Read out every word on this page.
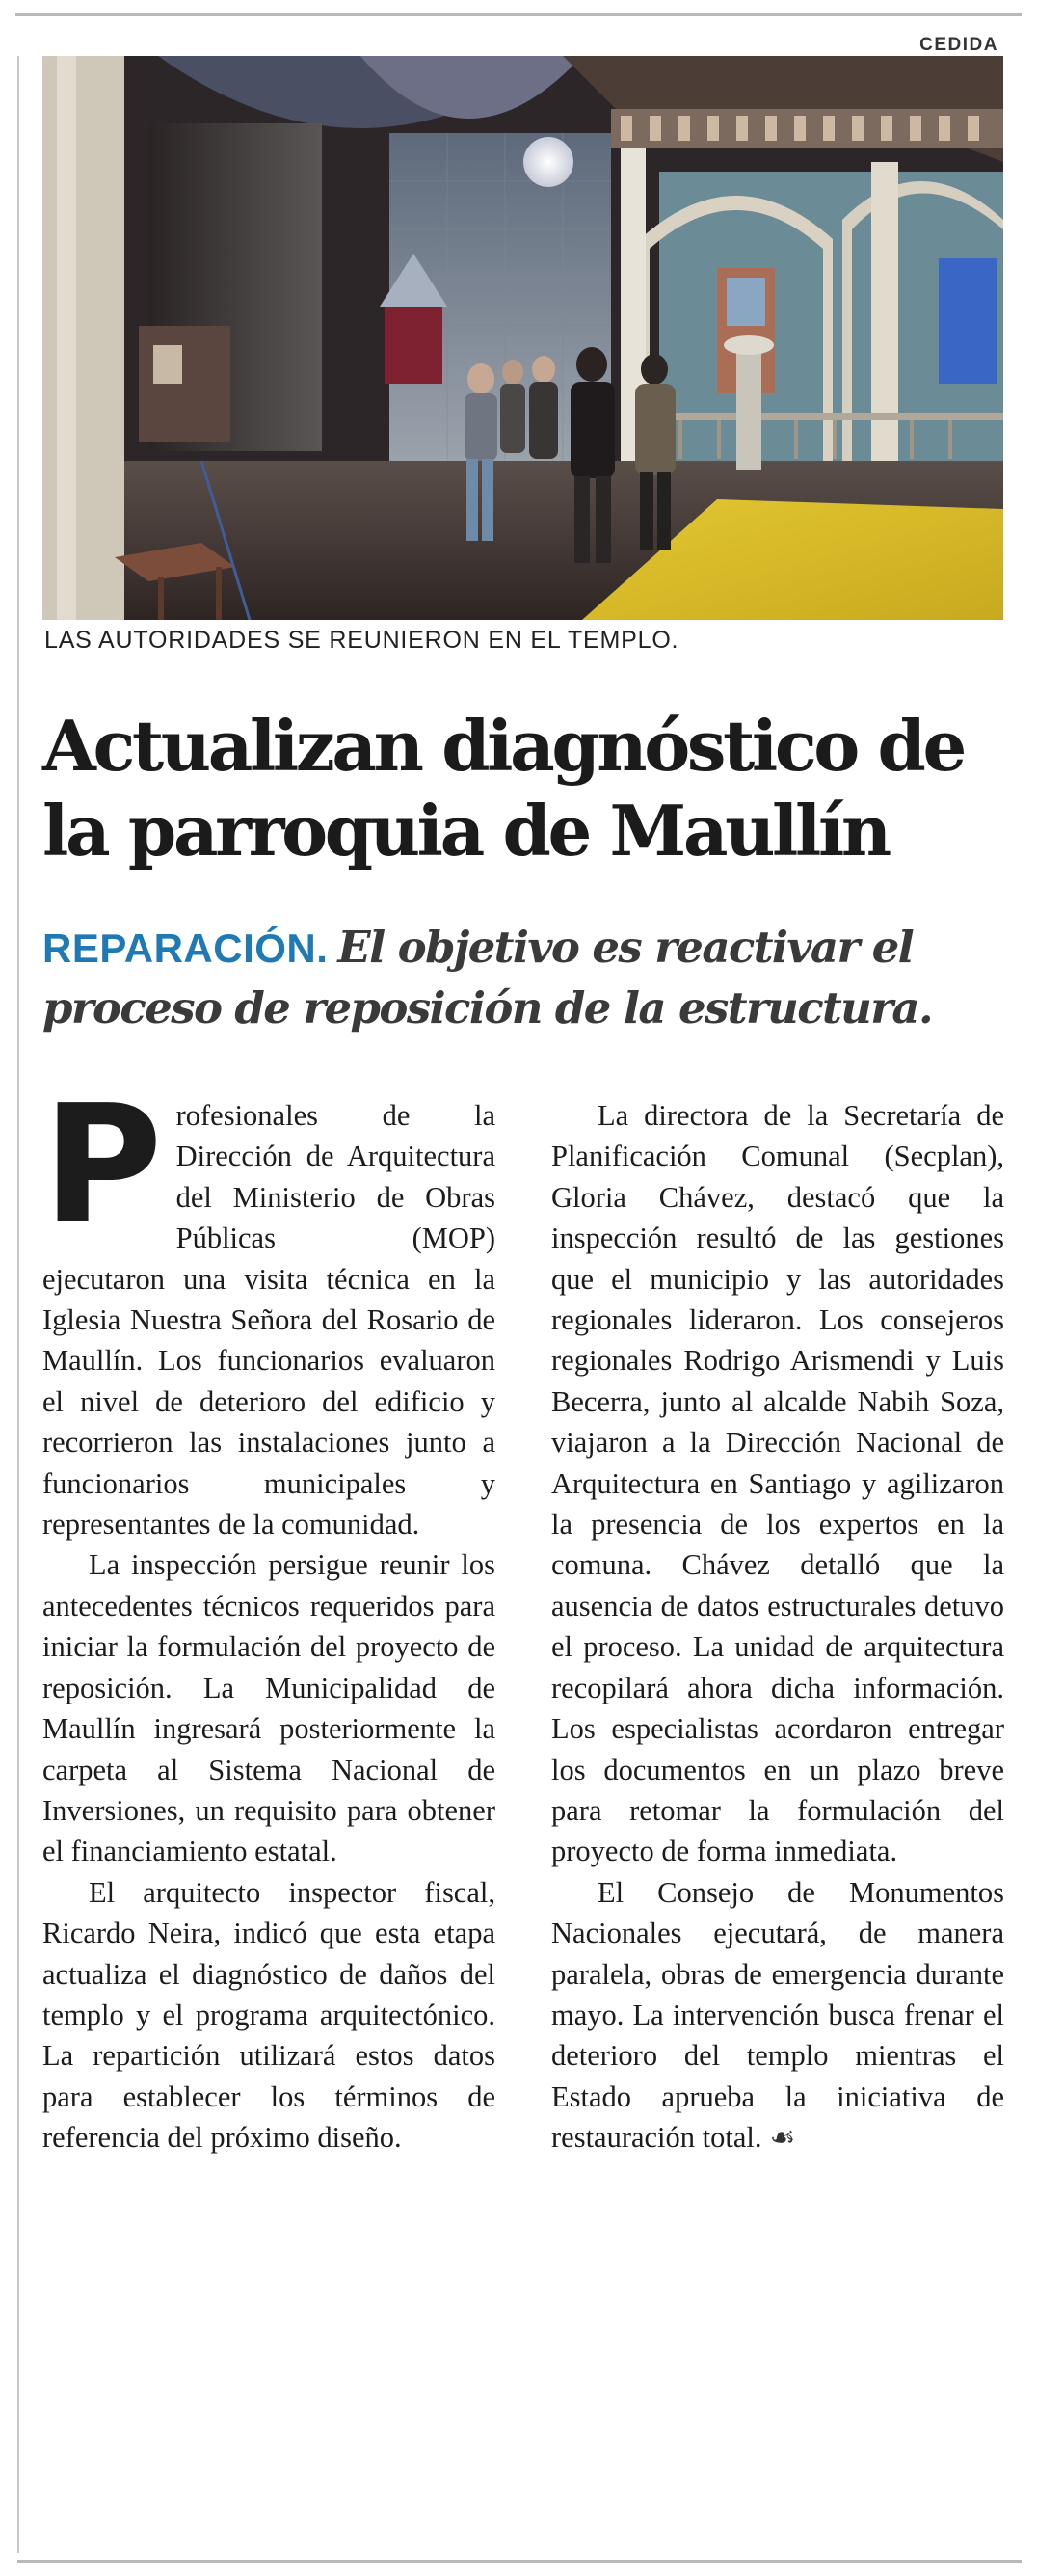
CEDIDA
LAS AUTORIDADES SE REUNIERON EN EL TEMPLO.
Actualizan diagnóstico de la parroquia de Maullín

REPARACIÓN. El objetivo es reactivar el proceso de reposición de la estructura.

Profesionales de la Dirección de Arquitectura del Ministerio de Obras Públicas (MOP) ejecutaron una visita técnica en la Iglesia Nuestra Señora del Rosario de Maullín. Los funcionarios evaluaron el nivel de deterioro del edificio y recorrieron las instalaciones junto a funcionarios municipales y representantes de la comunidad.

La inspección persigue reunir los antecedentes técnicos requeridos para iniciar la formulación del proyecto de reposición. La Municipalidad de Maullín ingresará posteriormente la carpeta al Sistema Nacional de Inversiones, un requisito para obtener el financiamiento estatal.

El arquitecto inspector fiscal, Ricardo Neira, indicó que esta etapa actualiza el diagnóstico de daños del templo y el programa arquitectónico. La repartición utilizará estos datos para establecer los términos de referencia del próximo diseño.

La directora de la Secretaría de Planificación Comunal (Secplan), Gloria Chávez, destacó que la inspección resultó de las gestiones que el municipio y las autoridades regionales lideraron. Los consejeros regionales Rodrigo Arismendi y Luis Becerra, junto al alcalde Nabih Soza, viajaron a la Dirección Nacional de Arquitectura en Santiago y agilizaron la presencia de los expertos en la comuna. Chávez detalló que la ausencia de datos estructurales detuvo el proceso. La unidad de arquitectura recopilará ahora dicha información. Los especialistas acordaron entregar los documentos en un plazo breve para retomar la formulación del proyecto de forma inmediata.

El Consejo de Monumentos Nacionales ejecutará, de manera paralela, obras de emergencia durante mayo. La intervención busca frenar el deterioro del templo mientras el Estado aprueba la iniciativa de restauración total. ☙
